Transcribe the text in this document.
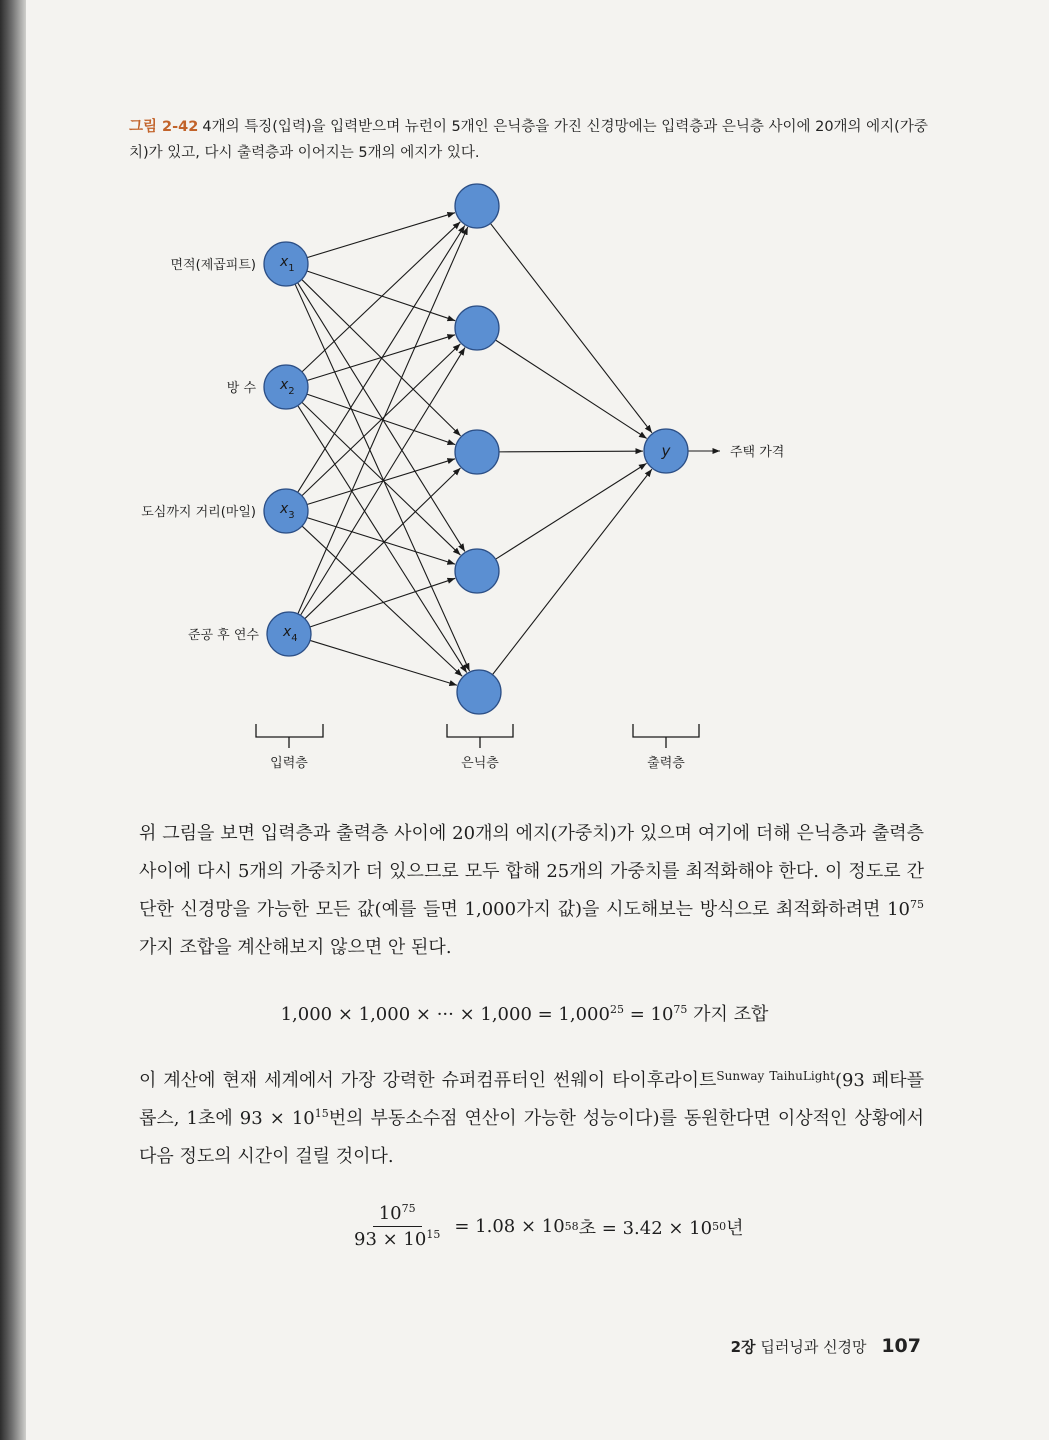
그림 2-42 4개의 특징(입력)을 입력받으며 뉴런이 5개인 은닉층을 가진 신경망에는 입력층과 은닉층 사이에 20개의 에지(가중치)가 있고, 다시 출력층과 이어지는 5개의 에지가 있다.
$x_1$
면적(제곱피트)
$x_2$
방 수
$x_3$
도심까지 거리(마일)
$x_4$
준공 후 연수
y	주택 가격
입력층	은닉층	출력층

위 그림을 보면 입력층과 출력층 사이에 20개의 에지(가중치)가 있으며 여기에 더해 은닉층과 출력층 사이에 다시 5개의 가중치가 더 있으므로 모두 합해 25개의 가중치를 최적화해야 한다. 이 정도로 간단한 신경망을 가능한 모든 값(예를 들면 1,000가지 값)을 시도해보는 방식으로 최적화하려면 $10^{75}$가지 조합을 계산해보지 않으면 안 된다.

1,000 × 1,000 × ··· × $1,000 = 1,000^{25} = 10^{75}$ 가지 조합

이 계산에 현재 세계에서 가장 강력한 슈퍼컴퓨터인 썬웨이 타이후라이트$^{Sunway TaihuLight}$(93 페타플롭스, 1초에 $93 \times 10^{15}$번의 부동소수점 연산이 가능한 성능이다)를 동원한다면 이상적인 상황에서 다음 정도의 시간이 걸릴 것이다.

$\frac{10^{75}}{93 \times 10^{15}} = 1.08 \times 10$ 58 초 = 3.42 × 10 50 년
2장 딥러닝과 신경망 107
